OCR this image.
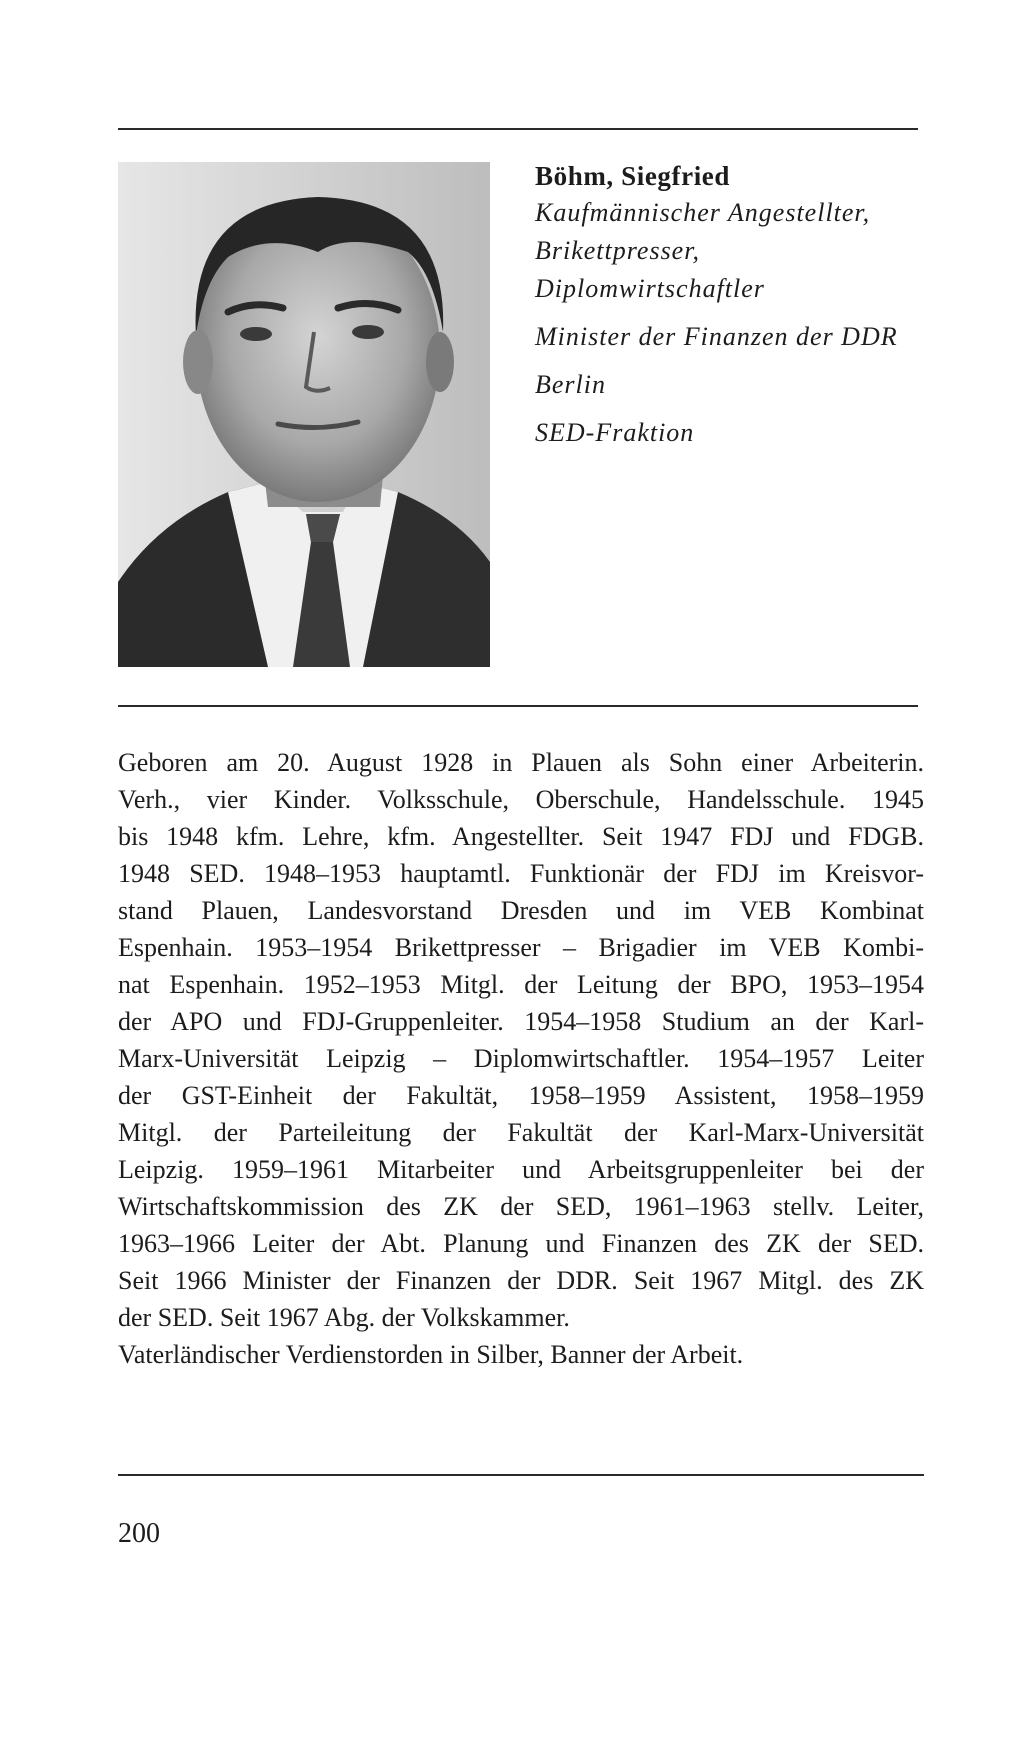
Böhm, Siegfried

Kaufmännischer Angestellter,

Brikettpresser,

Diplomwirtschaftler

Minister der Finanzen der DDR

Berlin

SED-Fraktion

Geboren am 20. August 1928 in Plauen als Sohn einer Arbeiterin.
Verh., vier Kinder. Volksschule, Oberschule, Handelsschule. 1945
bis 1948 kfm. Lehre, kfm. Angestellter. Seit 1947 FDJ und FDGB.
1948 SED. 1948–1953 hauptamtl. Funktionär der FDJ im Kreisvor-
stand Plauen, Landesvorstand Dresden und im VEB Kombinat
Espenhain. 1953–1954 Brikettpresser – Brigadier im VEB Kombi-
nat Espenhain. 1952–1953 Mitgl. der Leitung der BPO, 1953–1954
der APO und FDJ-Gruppenleiter. 1954–1958 Studium an der Karl-
Marx-Universität Leipzig – Diplomwirtschaftler. 1954–1957 Leiter
der GST-Einheit der Fakultät, 1958–1959 Assistent, 1958–1959
Mitgl. der Parteileitung der Fakultät der Karl-Marx-Universität
Leipzig. 1959–1961 Mitarbeiter und Arbeitsgruppenleiter bei der
Wirtschaftskommission des ZK der SED, 1961–1963 stellv. Leiter,
1963–1966 Leiter der Abt. Planung und Finanzen des ZK der SED.
Seit 1966 Minister der Finanzen der DDR. Seit 1967 Mitgl. des ZK
der SED. Seit 1967 Abg. der Volkskammer.
Vaterländischer Verdienstorden in Silber, Banner der Arbeit.

200
